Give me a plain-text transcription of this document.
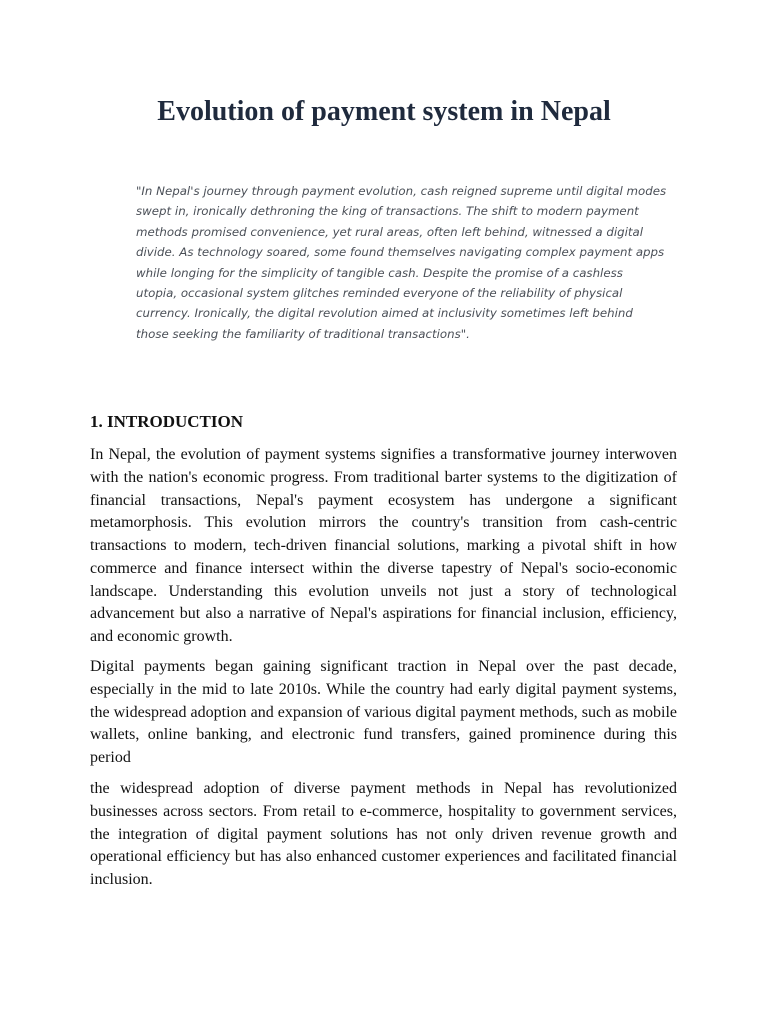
Evolution of payment system in Nepal

"In Nepal's journey through payment evolution, cash reigned supreme until digital modes swept in, ironically dethroning the king of transactions. The shift to modern payment methods promised convenience, yet rural areas, often left behind, witnessed a digital divide. As technology soared, some found themselves navigating complex payment apps while longing for the simplicity of tangible cash. Despite the promise of a cashless utopia, occasional system glitches reminded everyone of the reliability of physical currency. Ironically, the digital revolution aimed at inclusivity sometimes left behind those seeking the familiarity of traditional transactions".

1. INTRODUCTION

In Nepal, the evolution of payment systems signifies a transformative journey interwoven with the nation's economic progress. From traditional barter systems to the digitization of financial transactions, Nepal's payment ecosystem has undergone a significant metamorphosis. This evolution mirrors the country's transition from cash-centric transactions to modern, tech-driven financial solutions, marking a pivotal shift in how commerce and finance intersect within the diverse tapestry of Nepal's socio-economic landscape. Understanding this evolution unveils not just a story of technological advancement but also a narrative of Nepal's aspirations for financial inclusion, efficiency, and economic growth.

Digital payments began gaining significant traction in Nepal over the past decade, especially in the mid to late 2010s. While the country had early digital payment systems, the widespread adoption and expansion of various digital payment methods, such as mobile wallets, online banking, and electronic fund transfers, gained prominence during this period

the widespread adoption of diverse payment methods in Nepal has revolutionized businesses across sectors. From retail to e-commerce, hospitality to government services, the integration of digital payment solutions has not only driven revenue growth and operational efficiency but has also enhanced customer experiences and facilitated financial inclusion.
